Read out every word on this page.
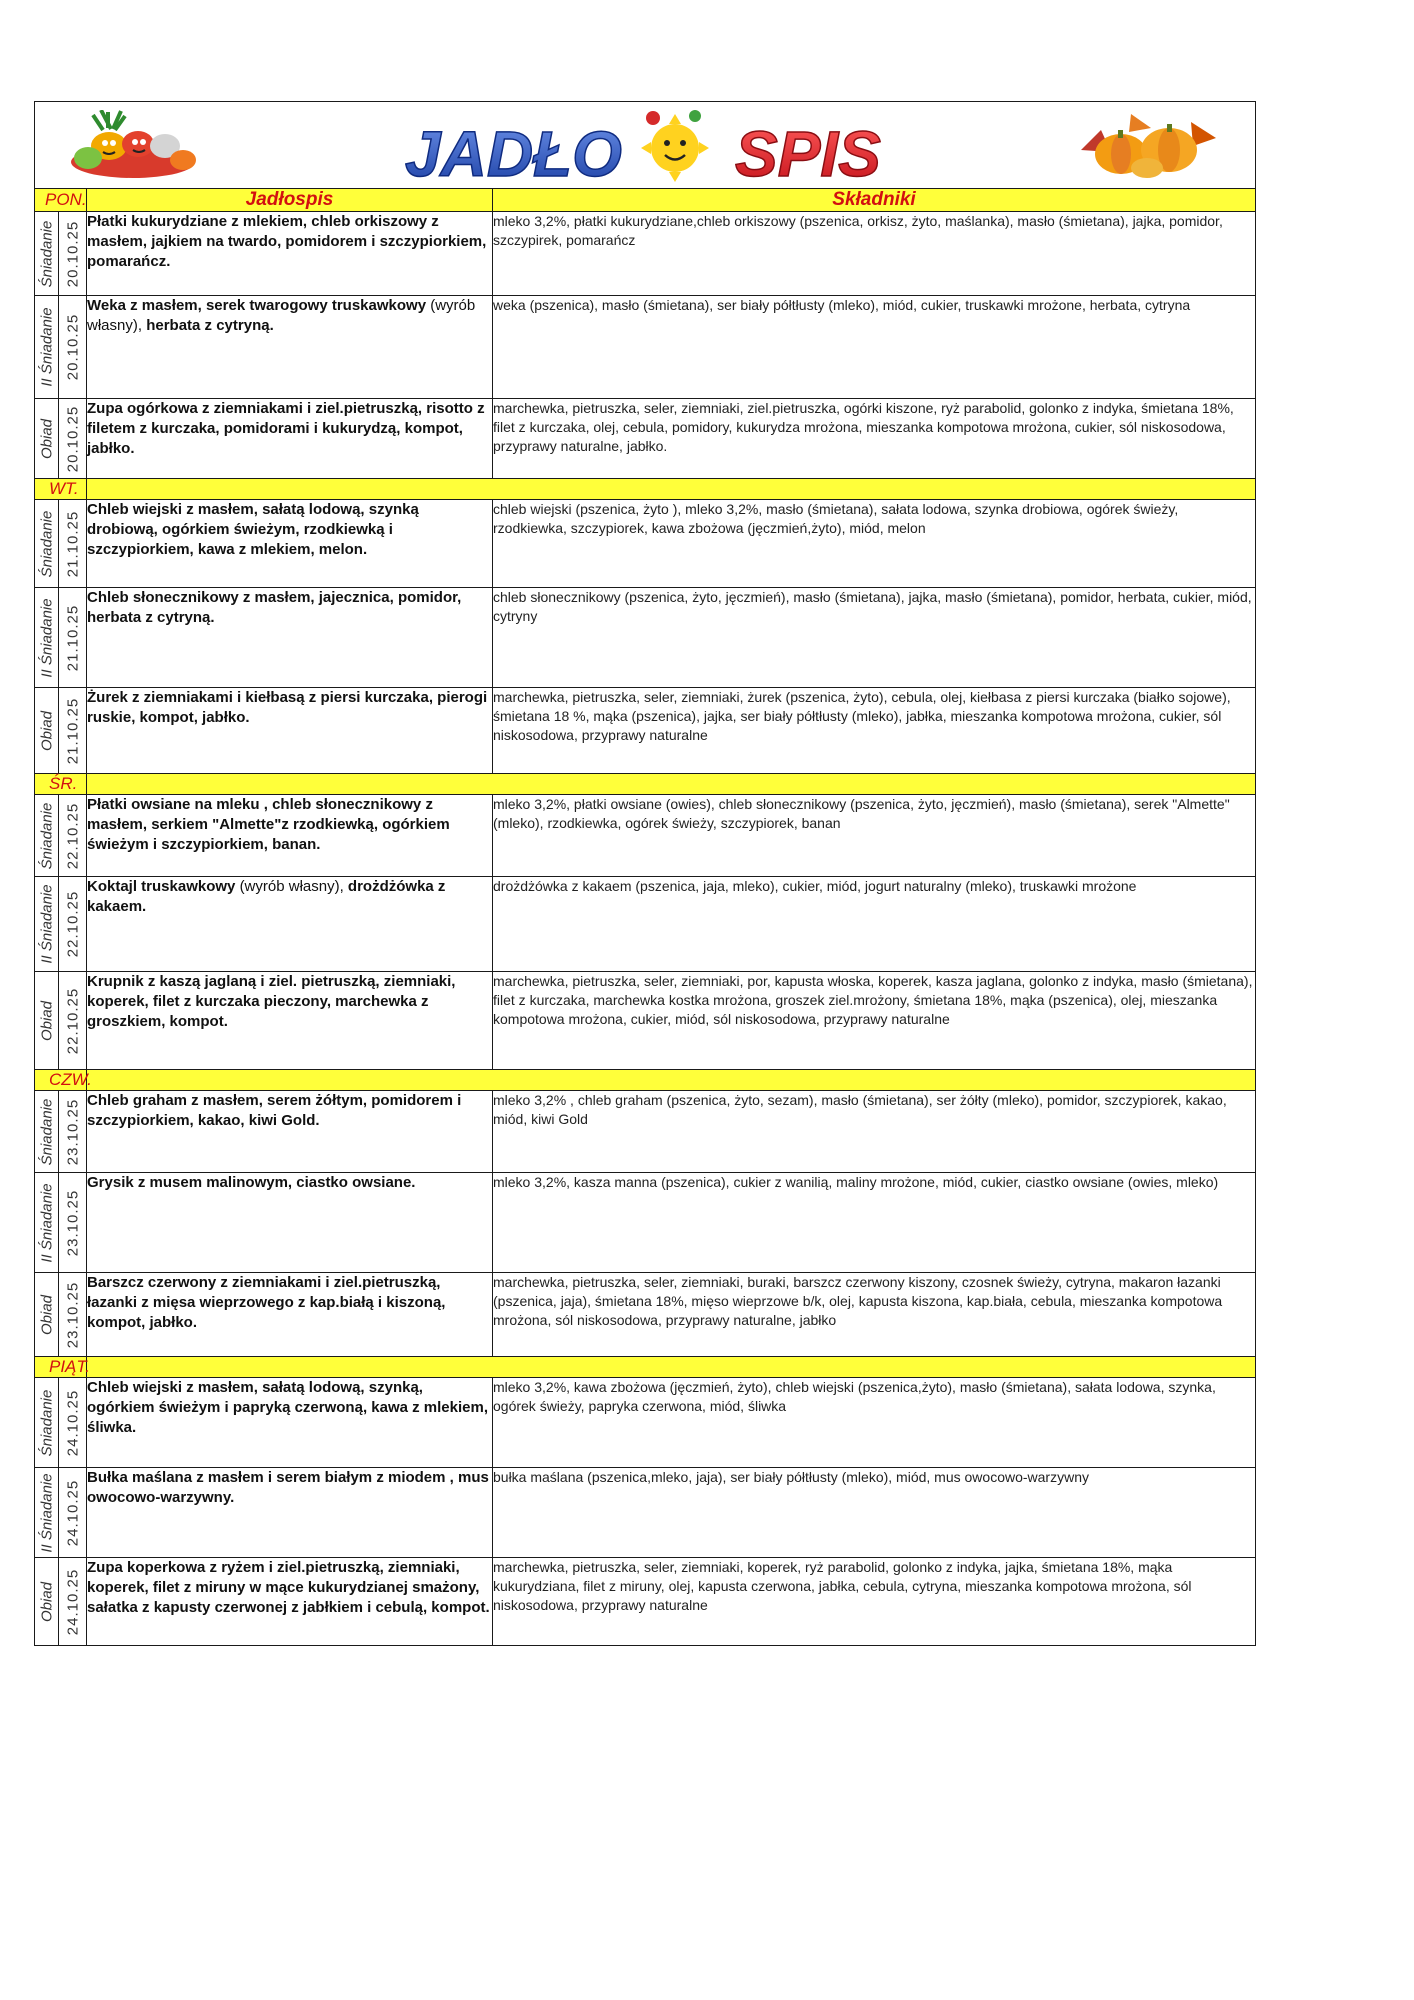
JADŁO SPIS			

PON.		Jadłospis	Składniki

Śniadanie	20.10.25	Płatki kukurydziane z mlekiem, chleb orkiszowy z masłem, jajkiem na twardo, pomidorem i szczypiorkiem, pomarańcz.	mleko 3,2%, płatki kukurydziane,chleb orkiszowy (pszenica, orkisz, żyto, maślanka), masło (śmietana), jajka, pomidor, szczypirek, pomarańcz

II Śniadanie	20.10.25	Weka z masłem, serek twarogowy truskawkowy (wyrób własny), herbata z cytryną.	weka (pszenica), masło (śmietana), ser biały półtłusty (mleko), miód, cukier, truskawki mrożone, herbata, cytryna

Obiad	20.10.25	Zupa ogórkowa z ziemniakami i ziel.pietruszką, risotto z filetem z kurczaka, pomidorami i kukurydzą, kompot, jabłko.	marchewka, pietruszka, seler, ziemniaki, ziel.pietruszka, ogórki kiszone, ryż parabolid, golonko z indyka, śmietana 18%, filet z kurczaka, olej, cebula, pomidory, kukurydza mrożona, mieszanka kompotowa mrożona, cukier, sól niskosodowa, przyprawy naturalne, jabłko.
WT.			

Śniadanie	21.10.25	Chleb wiejski z masłem, sałatą lodową, szynką drobiową, ogórkiem świeżym, rzodkiewką i szczypiorkiem, kawa z mlekiem, melon.	chleb wiejski (pszenica, żyto ), mleko 3,2%, masło (śmietana), sałata lodowa, szynka drobiowa, ogórek świeży, rzodkiewka, szczypiorek, kawa zbożowa (jęczmień,żyto), miód, melon

II Śniadanie	21.10.25	Chleb słonecznikowy z masłem, jajecznica, pomidor, herbata z cytryną.	chleb słonecznikowy (pszenica, żyto, jęczmień), masło (śmietana), jajka, masło (śmietana), pomidor, herbata, cukier, miód, cytryny

Obiad	21.10.25	Żurek z ziemniakami i kiełbasą z piersi kurczaka, pierogi ruskie, kompot, jabłko.	marchewka, pietruszka, seler, ziemniaki, żurek (pszenica, żyto), cebula, olej, kiełbasa z piersi kurczaka (białko sojowe), śmietana 18 %, mąka (pszenica), jajka, ser biały półtłusty (mleko), jabłka, mieszanka kompotowa mrożona, cukier, sól niskosodowa, przyprawy naturalne
ŚR.			

Śniadanie	22.10.25	Płatki owsiane na mleku , chleb słonecznikowy z masłem, serkiem "Almette"z rzodkiewką, ogórkiem świeżym i szczypiorkiem, banan.	mleko 3,2%, płatki owsiane (owies), chleb słonecznikowy (pszenica, żyto, jęczmień), masło (śmietana), serek "Almette"(mleko), rzodkiewka, ogórek świeży, szczypiorek, banan

II Śniadanie	22.10.25	Koktajl truskawkowy (wyrób własny), drożdżówka z kakaem.	drożdżówka z kakaem (pszenica, jaja, mleko), cukier, miód, jogurt naturalny (mleko), truskawki mrożone

Obiad	22.10.25	Krupnik z kaszą jaglaną i ziel. pietruszką, ziemniaki, koperek, filet z kurczaka pieczony, marchewka z groszkiem, kompot.	marchewka, pietruszka, seler, ziemniaki, por, kapusta włoska, koperek, kasza jaglana, golonko z indyka, masło (śmietana), filet z kurczaka, marchewka kostka mrożona, groszek ziel.mrożony, śmietana 18%, mąka (pszenica), olej, mieszanka kompotowa mrożona, cukier, miód, sól niskosodowa, przyprawy naturalne
CZW.			

Śniadanie	23.10.25	Chleb graham z masłem, serem żółtym, pomidorem i szczypiorkiem, kakao, kiwi Gold.	mleko 3,2% , chleb graham (pszenica, żyto, sezam), masło (śmietana), ser żółty (mleko), pomidor, szczypiorek, kakao, miód, kiwi Gold

II Śniadanie	23.10.25	Grysik z musem malinowym, ciastko owsiane.	mleko 3,2%, kasza manna (pszenica), cukier z wanilią, maliny mrożone, miód, cukier, ciastko owsiane (owies, mleko)

Obiad	23.10.25	Barszcz czerwony z ziemniakami i ziel.pietruszką, łazanki z mięsa wieprzowego z kap.białą i kiszoną, kompot, jabłko.	marchewka, pietruszka, seler, ziemniaki, buraki, barszcz czerwony kiszony, czosnek świeży, cytryna, makaron łazanki (pszenica, jaja), śmietana 18%, mięso wieprzowe b/k, olej, kapusta kiszona, kap.biała, cebula, mieszanka kompotowa mrożona, sól niskosodowa, przyprawy naturalne, jabłko
PIĄT.			

Śniadanie	24.10.25	Chleb wiejski z masłem, sałatą lodową, szynką, ogórkiem świeżym i papryką czerwoną, kawa z mlekiem, śliwka.	mleko 3,2%, kawa zbożowa (jęczmień, żyto), chleb wiejski (pszenica,żyto), masło (śmietana), sałata lodowa, szynka, ogórek świeży, papryka czerwona, miód, śliwka

II Śniadanie	24.10.25	Bułka maślana z masłem i serem białym z miodem , mus owocowo-warzywny.	bułka maślana (pszenica,mleko, jaja), ser biały półtłusty (mleko), miód, mus owocowo-warzywny

Obiad	24.10.25	Zupa koperkowa z ryżem i ziel.pietruszką, ziemniaki, koperek, filet z miruny w mące kukurydzianej smażony, sałatka z kapusty czerwonej z jabłkiem i cebulą, kompot.	marchewka, pietruszka, seler, ziemniaki, koperek, ryż parabolid, golonko z indyka, jajka, śmietana 18%, mąka kukurydziana, filet z miruny, olej, kapusta czerwona, jabłka, cebula, cytryna, mieszanka kompotowa mrożona, sól niskosodowa, przyprawy naturalne
